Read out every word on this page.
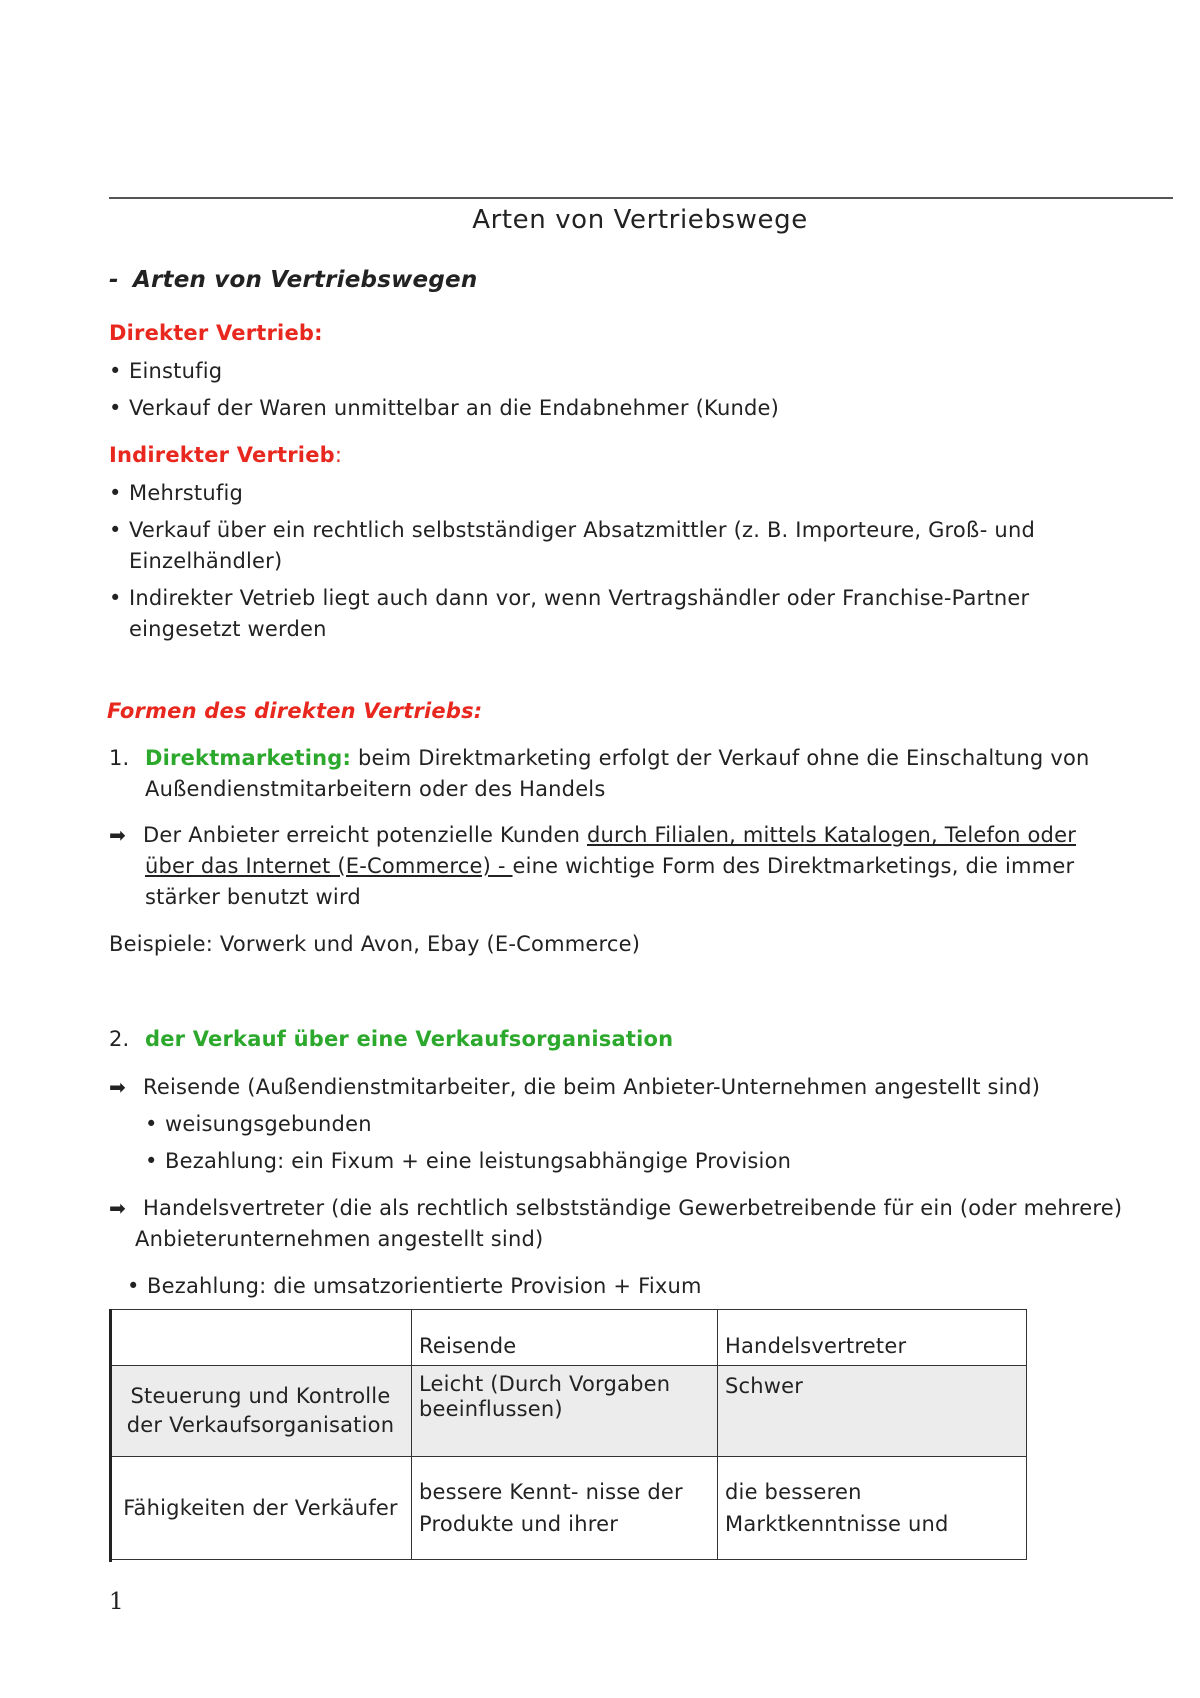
Arten von Vertriebswege
- Arten von Vertriebswegen
Direkter Vertrieb:
• Einstufig
• Verkauf der Waren unmittelbar an die Endabnehmer (Kunde)
Indirekter Vertrieb:
• Mehrstufig
• Verkauf über ein rechtlich selbstständiger Absatzmittler (z. B. Importeure, Groß- und
Einzelhändler)
• Indirekter Vetrieb liegt auch dann vor, wenn Vertragshändler oder Franchise-Partner
eingesetzt werden
Formen des direkten Vertriebs:
1. Direktmarketing: beim Direktmarketing erfolgt der Verkauf ohne die Einschaltung von
Außendienstmitarbeitern oder des Handels
➡ Der Anbieter erreicht potenzielle Kunden durch Filialen, mittels Katalogen, Telefon oder
über das Internet (E-Commerce) - eine wichtige Form des Direktmarketings, die immer
stärker benutzt wird
Beispiele: Vorwerk und Avon, Ebay (E-Commerce)
2. der Verkauf über eine Verkaufsorganisation
➡ Reisende (Außendienstmitarbeiter, die beim Anbieter-Unternehmen angestellt sind)
• weisungsgebunden
• Bezahlung: ein Fixum + eine leistungsabhängige Provision
➡ Handelsvertreter (die als rechtlich selbstständige Gewerbetreibende für ein (oder mehrere)
Anbieterunternehmen angestellt sind)
• Bezahlung: die umsatzorientierte Provision + Fixum
	Reisende	Handelsvertreter
Steuerung und Kontrolle der Verkaufsorganisation	Leicht (Durch Vorgaben beeinflussen)	Schwer
Fähigkeiten der Verkäufer	bessere Kennt- nisse der Produkte und ihrer	die besseren Marktkenntnisse und
1
